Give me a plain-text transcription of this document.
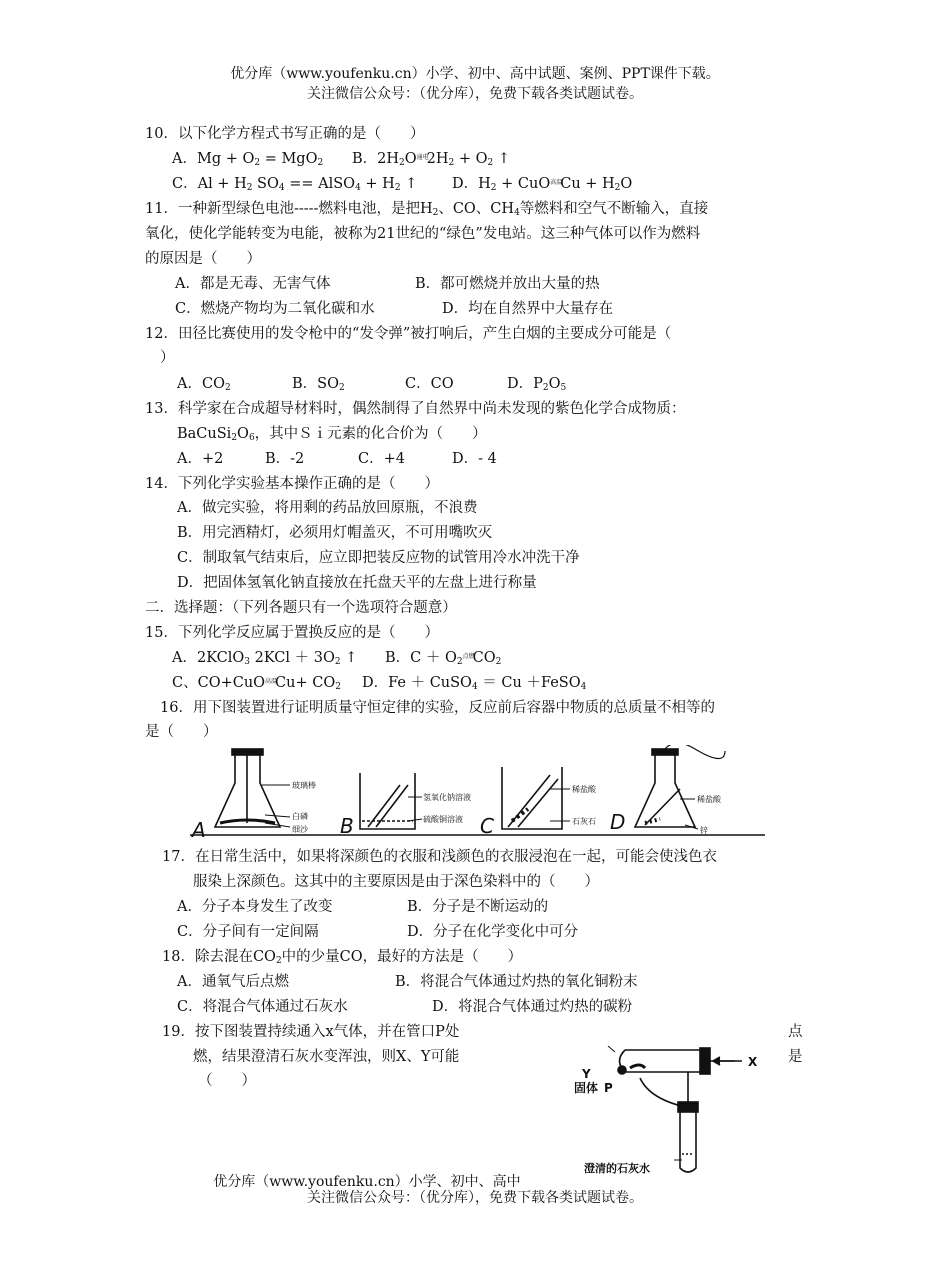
优分库（www.youfenku.cn）小学、初中、高中试题、案例、PPT课件下载。
关注微信公众号：（优分库），免费下载各类试题试卷。
10．以下化学方程式书写正确的是（　　）
A．$Mg + O_2 = MgO_2$ B．$2H_2O$通电$2H_2 + O_2$ ↑
C．$Al + H_2$ $SO_4$ == AlSO$_4$ + $H_2$ ↑ D．$H_2$ + CuO高温$Cu + H_2O$
11．一种新型绿色电池-----燃料电池，是把$H_2$、CO、$CH_4$等燃料和空气不断输入，直接
氧化，使化学能转变为电能，被称为21世纪的“绿色”发电站。这三种气体可以作为燃料
的原因是（　　）
A．都是无毒、无害气体	B．都可燃烧并放出大量的热
C．燃烧产物均为二氧化碳和水	D．均在自然界中大量存在
12．田径比赛使用的发令枪中的“发令弹”被打响后，产生白烟的主要成分可能是（
）
A．$CO_2$	B．$SO_2$	C．CO	D．$P_2O_5$
13．科学家在合成超导材料时，偶然制得了自然界中尚未发现的紫色化学合成物质：
$BaCuSi_2O_6$，其中Ｓｉ元素的化合价为（　　）
A．+2	B．-2	C．+4	D．- 4
14．下列化学实验基本操作正确的是（　　）
A．做完实验，将用剩的药品放回原瓶，不浪费
B．用完酒精灯，必须用灯帽盖灭，不可用嘴吹灭
C．制取氧气结束后，应立即把装反应物的试管用冷水冲洗干净
D．把固体氢氧化钠直接放在托盘天平的左盘上进行称量
二．选择题：（下列各题只有一个选项符合题意）
15．下列化学反应属于置换反应的是（　　）
A．2KClO$_3$ $2KCl + 3O_2$ ↑ B．$C + O_2$点燃$CO_2$
C、CO+CuO高温$Cu+ CO_2$ D．Fe ＋ CuSO$_4$ ＝ Cu ＋FeSO$_4$
16．用下图装置进行证明质量守恒定律的实验，反应前后容器中物质的总质量不相等的
是（　　）
玻璃棒
白磷
细沙
氢氧化钠溶液
硫酸铜溶液
稀盐酸
石灰石
稀盐酸
锌
A	B	C	D
17．在日常生活中，如果将深颜色的衣服和浅颜色的衣服浸泡在一起，可能会使浅色衣
服染上深颜色。这其中的主要原因是由于深色染料中的（　　）
A．分子本身发生了改变	B．分子是不断运动的
C．分子间有一定间隔	D．分子在化学变化中可分
18．除去混在$CO_2$中的少量CO，最好的方法是（　　）
A．通氧气后点燃	B．将混合气体通过灼热的氧化铜粉末
C．将混合气体通过石灰水	D．将混合气体通过灼热的碳粉
19．按下图装置持续通入x气体，并在管口P处	点
燃，结果澄清石灰水变浑浊，则X、Y可能	是
（　　）
X
Y
固体 P
澄清的石灰水
优分库（www.youfenku.cn）小学、初中、高中
关注微信公众号：（优分库），免费下载各类试题试卷。
